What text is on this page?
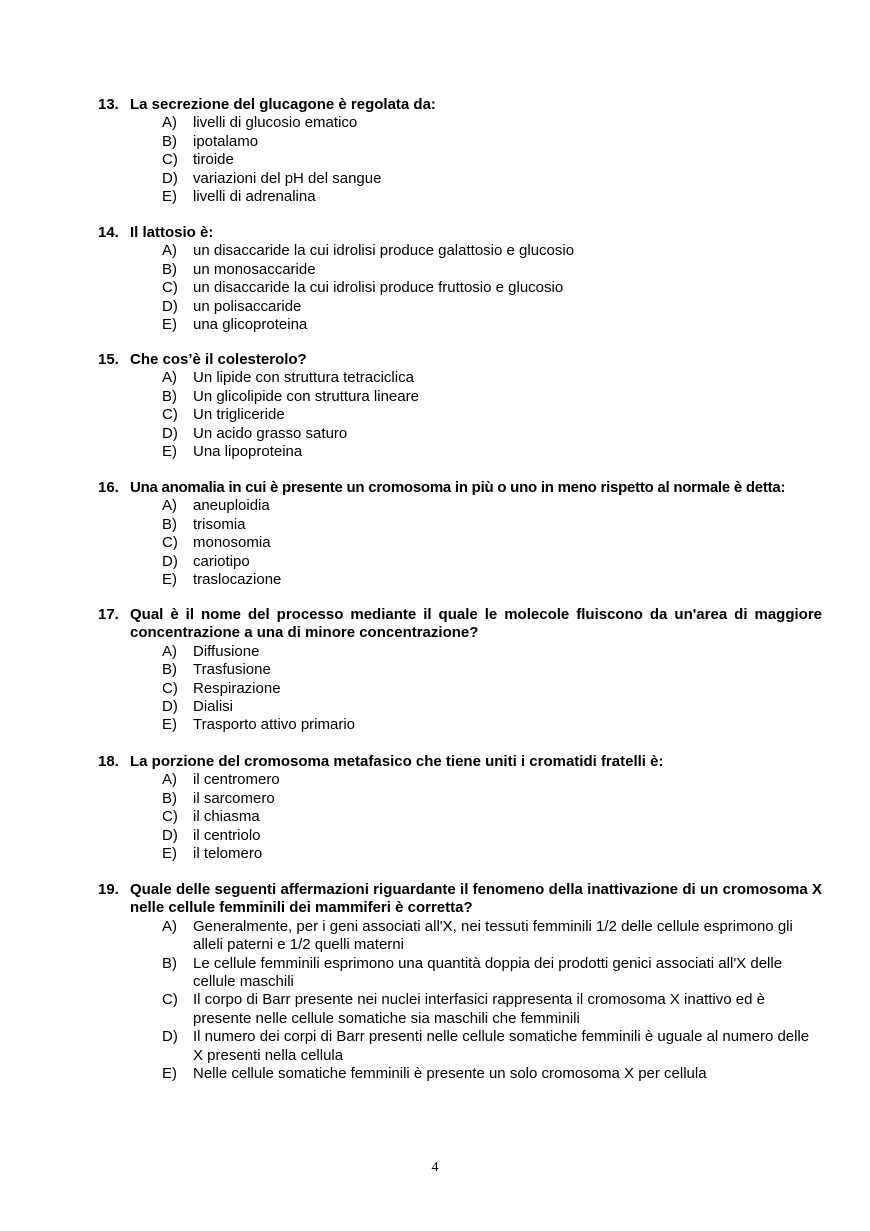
13. La secrezione del glucagone è regolata da:
A)	livelli di glucosio ematico
B)	ipotalamo
C)	tiroide
D)	variazioni del pH del sangue
E)	livelli di adrenalina
14. Il lattosio è:
A)	un disaccaride la cui idrolisi produce galattosio e glucosio
B)	un monosaccaride
C)	un disaccaride la cui idrolisi produce fruttosio e glucosio
D)	un polisaccaride
E)	una glicoproteina
15. Che cos’è il colesterolo?
A)	Un lipide con struttura tetraciclica
B)	Un glicolipide con struttura lineare
C)	Un trigliceride
D)	Un acido grasso saturo
E)	Una lipoproteina
16. Una anomalia in cui è presente un cromosoma in più o uno in meno rispetto al normale è detta:
A)	aneuploidia
B)	trisomia
C)	monosomia
D)	cariotipo
E)	traslocazione
17. Qual è il nome del processo mediante il quale le molecole fluiscono da un'area di maggiore concentrazione a una di minore concentrazione?
A)	Diffusione
B)	Trasfusione
C)	Respirazione
D)	Dialisi
E)	Trasporto attivo primario
18. La porzione del cromosoma metafasico che tiene uniti i cromatidi fratelli è:
A)	il centromero
B)	il sarcomero
C)	il chiasma
D)	il centriolo
E)	il telomero
19. Quale delle seguenti affermazioni riguardante il fenomeno della inattivazione di un cromosoma X nelle cellule femminili dei mammiferi è corretta?
A)	Generalmente, per i geni associati all'X, nei tessuti femminili 1/2 delle cellule esprimono gli alleli paterni e 1/2 quelli materni
B)	Le cellule femminili esprimono una quantità doppia dei prodotti genici associati all'X delle cellule maschili
C)	Il corpo di Barr presente nei nuclei interfasici rappresenta il cromosoma X inattivo ed è presente nelle cellule somatiche sia maschili che femminili
D)	Il numero dei corpi di Barr presenti nelle cellule somatiche femminili è uguale al numero delle X presenti nella cellula
E)	Nelle cellule somatiche femminili è presente un solo cromosoma X per cellula
4
